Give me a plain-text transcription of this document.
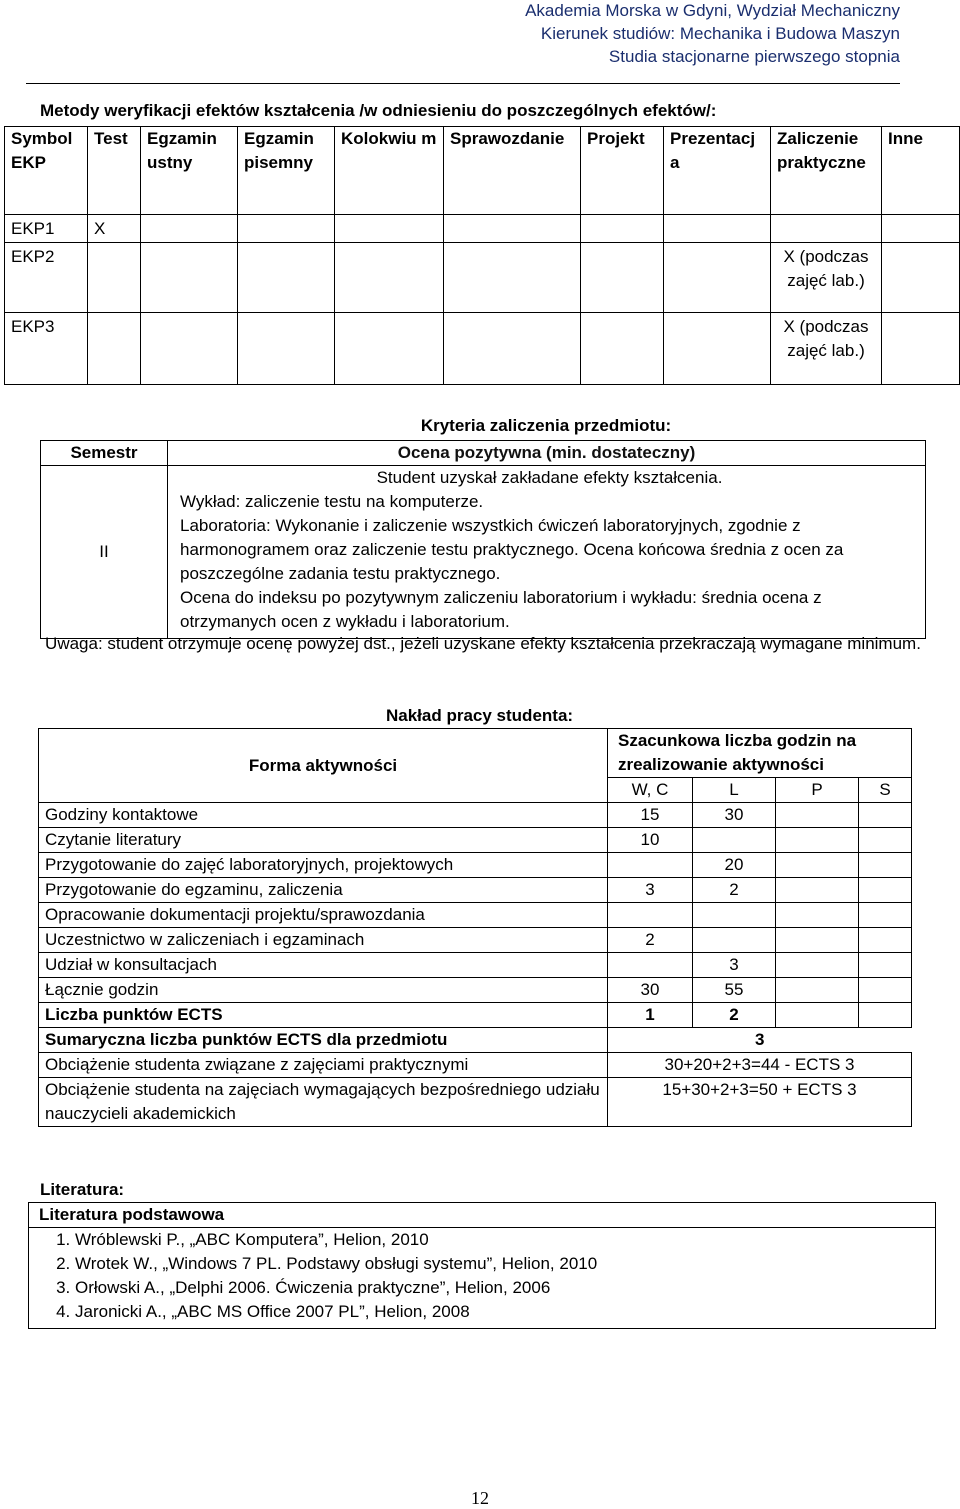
Akademia Morska w Gdyni, Wydział Mechaniczny
Kierunek studiów: Mechanika i Budowa Maszyn
Studia stacjonarne pierwszego stopnia
Metody weryfikacji efektów kształcenia /w odniesieniu do poszczególnych efektów/:
Symbol EKP	Test	Egzamin ustny	Egzamin pisemny	Kolokwiu m	Sprawozdanie	Projekt	Prezentacj a	Zaliczenie praktyczne	Inne
EKP1	X								
EKP2								X (podczas zajęć lab.)	
EKP3								X (podczas zajęć lab.)	
Kryteria zaliczenia przedmiotu:
Semestr	Ocena pozytywna (min. dostateczny)
II	Student uzyskał zakładane efekty kształcenia.
Wykład: zaliczenie testu na komputerze.
Laboratoria: Wykonanie i zaliczenie wszystkich ćwiczeń laboratoryjnych, zgodnie z harmonogramem oraz zaliczenie testu praktycznego. Ocena końcowa średnia z ocen za poszczególne zadania testu praktycznego.
Ocena do indeksu po pozytywnym zaliczeniu laboratorium i wykładu: średnia ocena z otrzymanych ocen z wykładu i laboratorium.
Uwaga: student otrzymuje ocenę powyżej dst., jeżeli uzyskane efekty kształcenia przekraczają wymagane minimum.
Nakład pracy studenta:
Forma aktywności	Szacunkowa liczba godzin na zrealizowanie aktywności			
	W, C	L	P	S
Godziny kontaktowe	15	30		
Czytanie literatury	10			
Przygotowanie do zajęć laboratoryjnych, projektowych		20		
Przygotowanie do egzaminu, zaliczenia	3	2		
Opracowanie dokumentacji projektu/sprawozdania				
Uczestnictwo w zaliczeniach i egzaminach	2			
Udział w konsultacjach		3		
Łącznie godzin	30	55		
Liczba punktów ECTS	1	2		
Sumaryczna liczba punktów ECTS dla przedmiotu	3			
Obciążenie studenta związane z zajęciami praktycznymi	30+20+2+3=44 - ECTS 3			
Obciążenie studenta na zajęciach wymagających bezpośredniego udziału nauczycieli akademickich	15+30+2+3=50 + ECTS 3			
Literatura:
Literatura podstawowa

1. Wróblewski P., „ABC Komputera”, Helion, 2010
2. Wrotek W., „Windows 7 PL. Podstawy obsługi systemu”, Helion, 2010
3. Orłowski A., „Delphi 2006. Ćwiczenia praktyczne”, Helion, 2006
4. Jaronicki A., „ABC MS Office 2007 PL”, Helion, 2008
12
